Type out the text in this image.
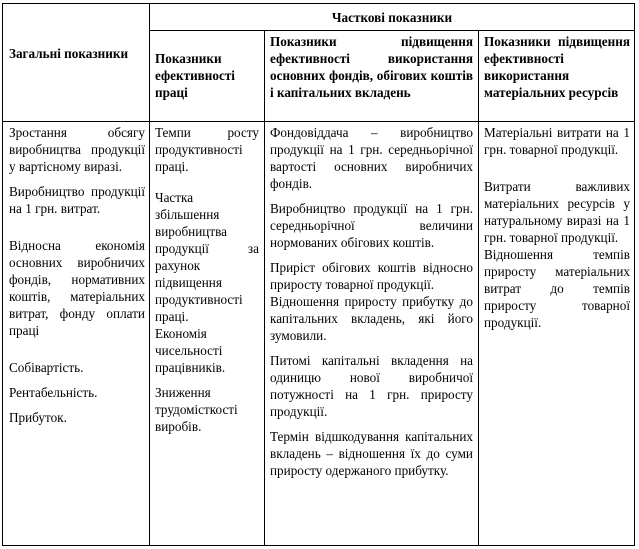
Часткові показники
Загальні показники	Показники ефективності праці
Показники підвищення ефективності використання основних фондів, обігових коштів і капітальних вкладень
Показники підвищення ефективності використання матеріальних ресурсів

Зростання обсягу виробництва продукції у вартісному виразі.

Виробництво продукції на 1 грн. витрат.

Відносна економія основних виробничих фондів, нормативних коштів, матеріальних витрат, фонду оплати праці

Собівартість.

Рентабельність.

Прибуток.

Темпи росту продуктивності праці.

Частка збільшення виробництва продукції за рахунок підвищення продуктивності праці.

Економія чисельності працівників.

Зниження трудомісткості виробів.

Фондовіддача – виробництво продукції на 1 грн. середньорічної вартості основних виробничих фондів.

Виробництво продукції на 1 грн. середньорічної величини нормованих обігових коштів.

Приріст обігових коштів відносно приросту товарної продукції.

Відношення приросту прибутку до капітальних вкладень, які його зумовили.

Питомі капітальні вкладення на одиницю нової виробничої потужності на 1 грн. приросту продукції.

Термін відшкодування капітальних вкладень – відношення їх до суми приросту одержаного прибутку.

Матеріальні витрати на 1 грн. товарної продукції.

Витрати важливих матеріальних ресурсів у натуральному виразі на 1 грн. товарної продукції.

Відношення темпів приросту матеріальних витрат до темпів приросту товарної продукції.
